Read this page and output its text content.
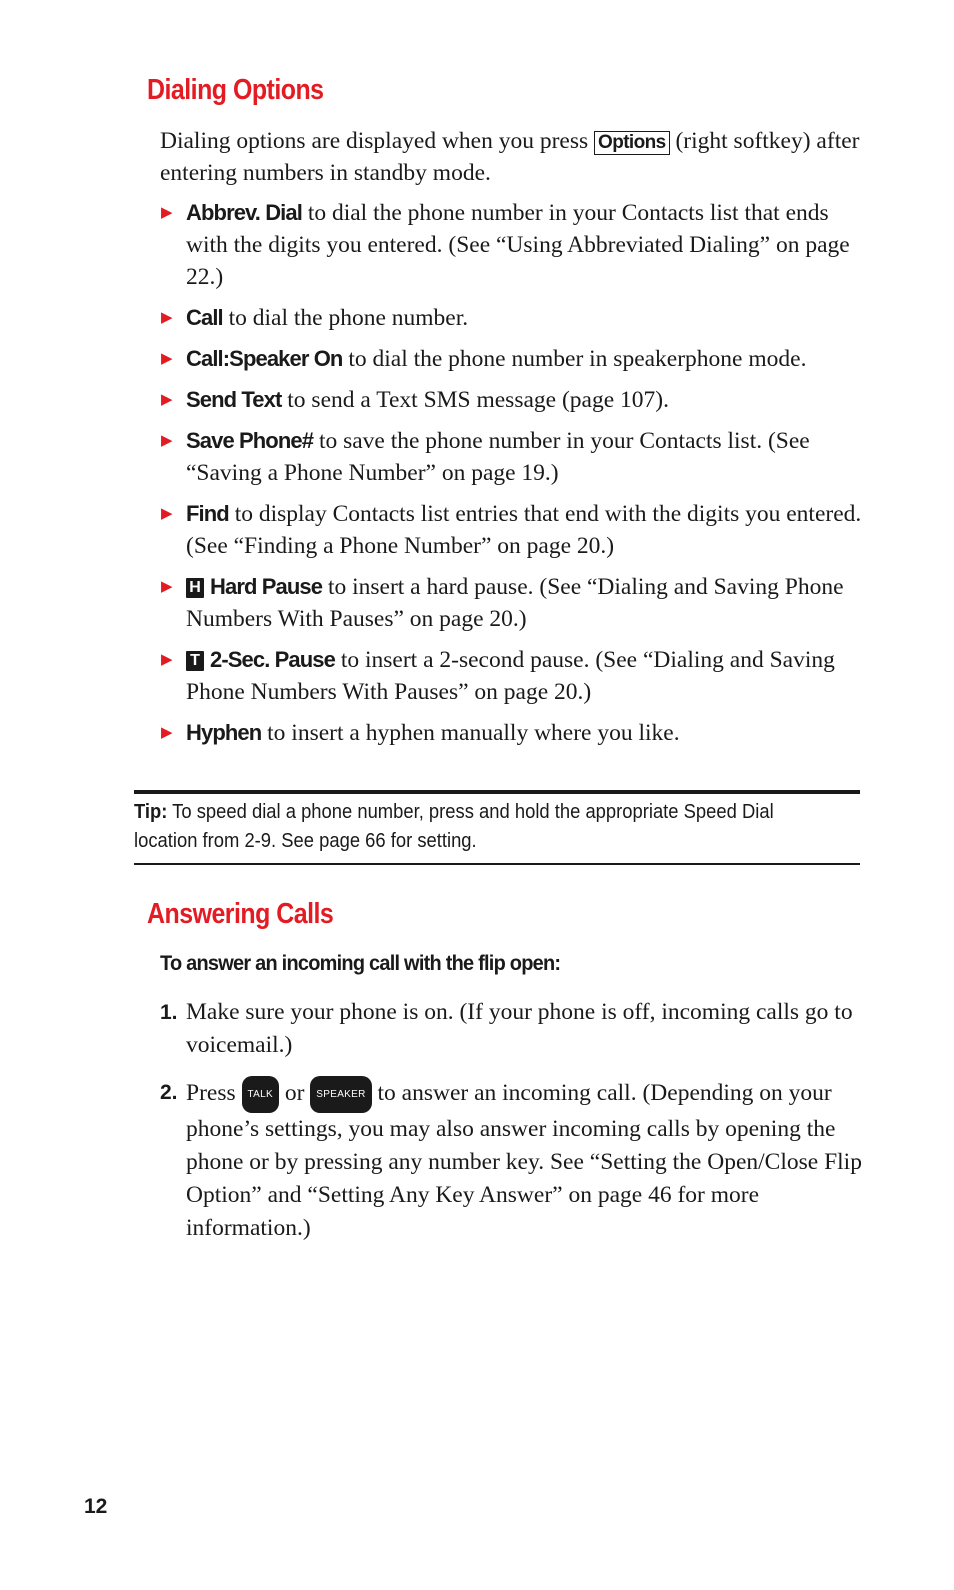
Dialing Options
Dialing options are displayed when you press Options (right softkey) after entering numbers in standby mode.
▶ Abbrev. Dial to dial the phone number in your Contacts list that ends with the digits you entered. (See “Using Abbreviated Dialing” on page 22.)
▶ Call to dial the phone number.
▶ Call:Speaker On to dial the phone number in speakerphone mode.
▶ Send Text to send a Text SMS message (page 107).
▶ Save Phone# to save the phone number in your Contacts list. (See “Saving a Phone Number” on page 19.)
▶ Find to display Contacts list entries that end with the digits you entered. (See “Finding a Phone Number” on page 20.)
▶ H Hard Pause to insert a hard pause. (See “Dialing and Saving Phone Numbers With Pauses” on page 20.)
▶ T 2-Sec. Pause to insert a 2-second pause. (See “Dialing and Saving Phone Numbers With Pauses” on page 20.)
▶ Hyphen to insert a hyphen manually where you like.
Tip: To speed dial a phone number, press and hold the appropriate Speed Dial location from 2-9. See page 66 for setting.
Answering Calls
To answer an incoming call with the flip open:
1. Make sure your phone is on. (If your phone is off, incoming calls go to voicemail.)
2. Press TALK or SPEAKER to answer an incoming call. (Depending on your phone’s settings, you may also answer incoming calls by opening the phone or by pressing any number key. See “Setting the Open/Close Flip Option” and “Setting Any Key Answer” on page 46 for more information.)
12
